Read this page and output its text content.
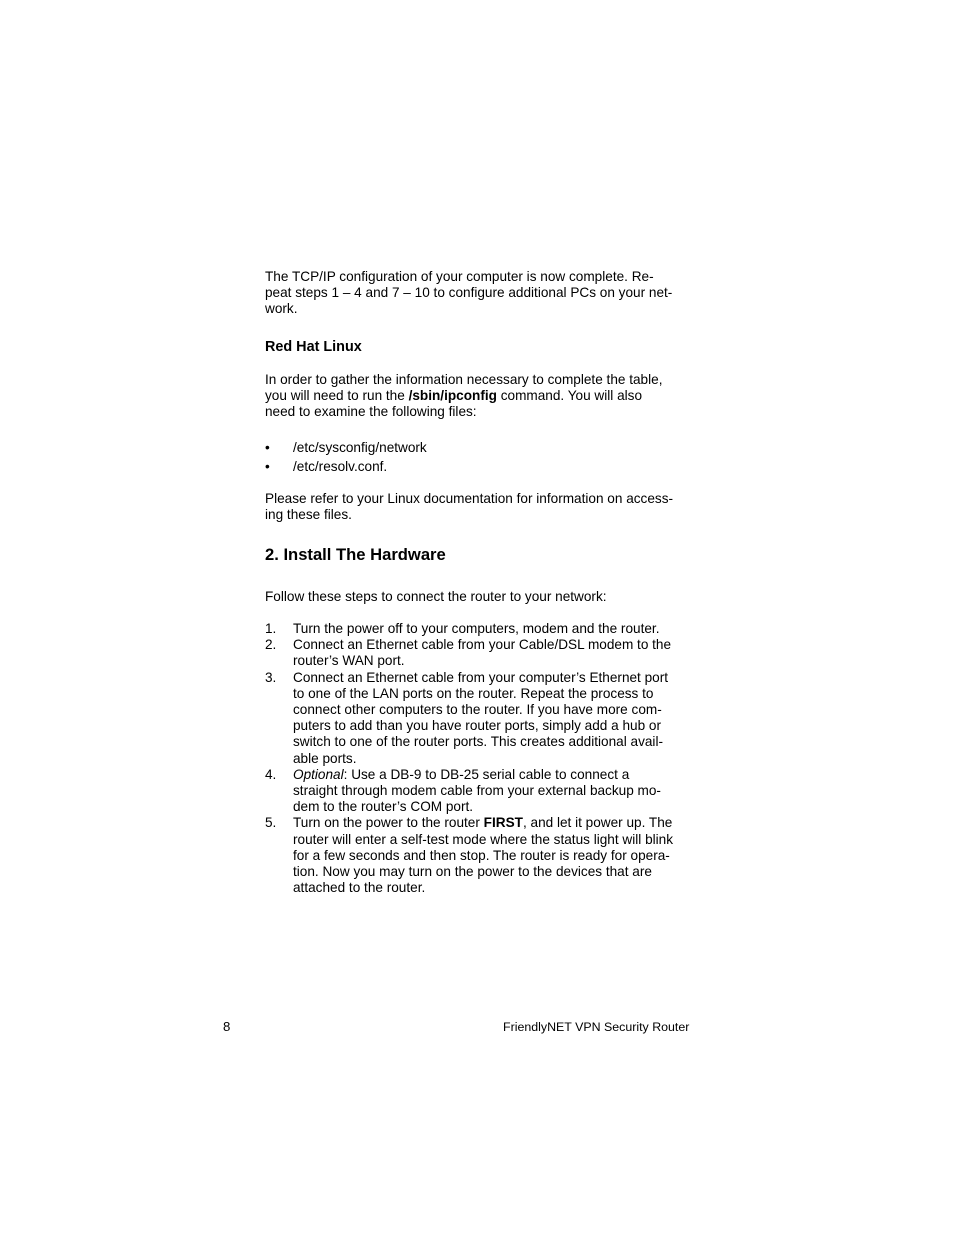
The TCP/IP configuration of your computer is now complete. Re-
peat steps 1 – 4 and 7 – 10 to configure additional PCs on your net-
work.
Red Hat Linux
In order to gather the information necessary to complete the table,
you will need to run the /sbin/ipconfig command. You will also
need to examine the following files:
• /etc/sysconfig/network
• /etc/resolv.conf.
Please refer to your Linux documentation for information on access-
ing these files.
2. Install The Hardware
Follow these steps to connect the router to your network:
1. Turn the power off to your computers, modem and the router.
2. Connect an Ethernet cable from your Cable/DSL modem to the
router’s WAN port.
3. Connect an Ethernet cable from your computer’s Ethernet port
to one of the LAN ports on the router. Repeat the process to
connect other computers to the router. If you have more com-
puters to add than you have router ports, simply add a hub or
switch to one of the router ports. This creates additional avail-
able ports.
4. Optional: Use a DB-9 to DB-25 serial cable to connect a
straight through modem cable from your external backup mo-
dem to the router’s COM port.
5. Turn on the power to the router FIRST, and let it power up. The
router will enter a self-test mode where the status light will blink
for a few seconds and then stop. The router is ready for opera-
tion. Now you may turn on the power to the devices that are
attached to the router.
8	FriendlyNET VPN Security Router
